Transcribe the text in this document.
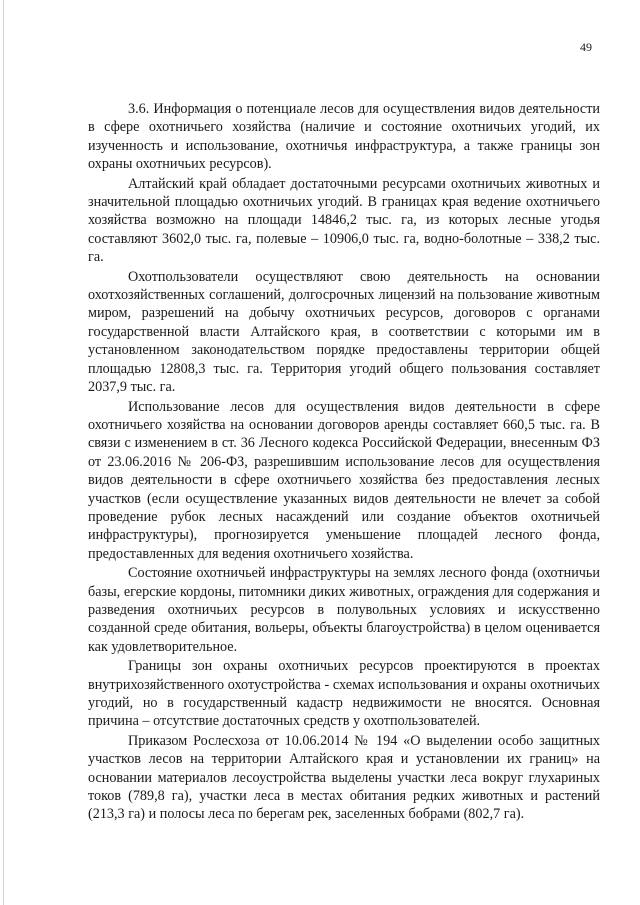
49

3.6. Информация о потенциале лесов для осуществления видов деятельности в сфере охотничьего хозяйства (наличие и состояние охотничьих угодий, их изученность и использование, охотничья инфраструктура, а также границы зон охраны охотничьих ресурсов).

Алтайский край обладает достаточными ресурсами охотничьих животных и значительной площадью охотничьих угодий. В границах края ведение охотничьего хозяйства возможно на площади 14846,2 тыс. га, из которых лесные угодья составляют 3602,0 тыс. га, полевые – 10906,0 тыс. га, водно-болотные – 338,2 тыс. га.

Охотпользователи осуществляют свою деятельность на основании охотхозяйственных соглашений, долгосрочных лицензий на пользование животным миром, разрешений на добычу охотничьих ресурсов, договоров с органами государственной власти Алтайского края, в соответствии с которыми им в установленном законодательством порядке предоставлены территории общей площадью 12808,3 тыс. га. Территория угодий общего пользования составляет 2037,9 тыс. га.

Использование лесов для осуществления видов деятельности в сфере охотничьего хозяйства на основании договоров аренды составляет 660,5 тыс. га. В связи с изменением в ст. 36 Лесного кодекса Российской Федерации, внесенным ФЗ от 23.06.2016 № 206-ФЗ, разрешившим использование лесов для осуществления видов деятельности в сфере охотничьего хозяйства без предоставления лесных участков (если осуществление указанных видов деятельности не влечет за собой проведение рубок лесных насаждений или создание объектов охотничьей инфраструктуры), прогнозируется уменьшение площадей лесного фонда, предоставленных для ведения охотничьего хозяйства.

Состояние охотничьей инфраструктуры на землях лесного фонда (охотничьи базы, егерские кордоны, питомники диких животных, ограждения для содержания и разведения охотничьих ресурсов в полувольных условиях и искусственно созданной среде обитания, вольеры, объекты благоустройства) в целом оценивается как удовлетворительное.

Границы зон охраны охотничьих ресурсов проектируются в проектах внутрихозяйственного охотустройства - схемах использования и охраны охотничьих угодий, но в государственный кадастр недвижимости не вносятся. Основная причина – отсутствие достаточных средств у охотпользователей.

Приказом Рослесхоза от 10.06.2014 № 194 «О выделении особо защитных участков лесов на территории Алтайского края и установлении их границ» на основании материалов лесоустройства выделены участки леса вокруг глухариных токов (789,8 га), участки леса в местах обитания редких животных и растений (213,3 га) и полосы леса по берегам рек, заселенных бобрами (802,7 га).
